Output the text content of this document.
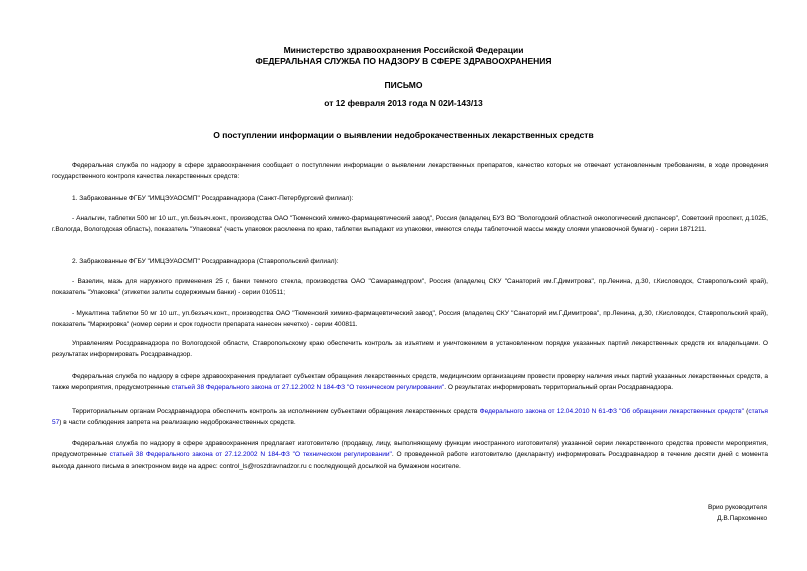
Министерство здравоохранения Российской Федерации
ФЕДЕРАЛЬНАЯ СЛУЖБА ПО НАДЗОРУ В СФЕРЕ ЗДРАВООХРАНЕНИЯ
ПИСЬМО
от 12 февраля 2013 года N 02И-143/13
О поступлении информации о выявлении недоброкачественных лекарственных средств

Федеральная служба по надзору в сфере здравоохранения сообщает о поступлении информации о выявлении лекарственных препаратов, качество которых не отвечает установленным требованиям, в ходе проведения государственного контроля качества лекарственных средств:

1. Забракованные ФГБУ "ИМЦЭУАОСМП" Росздравнадзора (Санкт-Петербургский филиал):

- Анальгин, таблетки 500 мг 10 шт., уп.безъяч.конт., производства ОАО "Тюменский химико-фармацевтический завод", Россия (владелец БУЗ ВО "Вологодский областной онкологический диспансер", Советский проспект, д.102Б, г.Вологда, Вологодская область), показатель "Упаковка" (часть упаковок расклеена по краю, таблетки выпадают из упаковки, имеются следы таблеточной массы между слоями упаковочной бумаги) - серии 1871211.

2. Забракованные ФГБУ "ИМЦЭУАОСМП" Росздравнадзора (Ставропольский филиал):

- Вазелин, мазь для наружного применения 25 г, банки темного стекла, производства ОАО "Самарамедпром", Россия (владелец СКУ "Санаторий им.Г.Димитрова", пр.Ленина, д.30, г.Кисловодск, Ставропольский край), показатель "Упаковка" (этикетки залиты содержимым банки) - серии 010511;

- Мукалтина таблетки 50 мг 10 шт., уп.безъяч.конт., производства ОАО "Тюменский химико-фармацевтический завод", Россия (владелец СКУ "Санаторий им.Г.Димитрова", пр.Ленина, д.30, г.Кисловодск, Ставропольский край), показатель "Маркировка" (номер серии и срок годности препарата нанесен нечетко) - серии 400811.

Управлениям Росздравнадзора по Вологодской области, Ставропольскому краю обеспечить контроль за изъятием и уничтожением в установленном порядке указанных партий лекарственных средств их владельцами. О результатах информировать Росздравнадзор.

Федеральная служба по надзору в сфере здравоохранения предлагает субъектам обращения лекарственных средств, медицинским организациям провести проверку наличия иных партий указанных лекарственных средств, а также мероприятия, предусмотренные статьей 38 Федерального закона от 27.12.2002 N 184-ФЗ "О техническом регулировании". О результатах информировать территориальный орган Росздравнадзора.

Территориальным органам Росздравнадзора обеспечить контроль за исполнением субъектами обращения лекарственных средств Федерального закона от 12.04.2010 N 61-ФЗ "Об обращении лекарственных средств" (статья 57) в части соблюдения запрета на реализацию недоброкачественных средств.

Федеральная служба по надзору в сфере здравоохранения предлагает изготовителю (продавцу, лицу, выполняющему функции иностранного изготовителя) указанной серии лекарственного средства провести мероприятия, предусмотренные статьей 38 Федерального закона от 27.12.2002 N 184-ФЗ "О техническом регулировании". О проведенной работе изготовителю (декларанту) информировать Росздравнадзор в течение десяти дней с момента выхода данного письма в электронном виде на адрес: control_ls@roszdravnadzor.ru с последующей досылкой на бумажном носителе.

Врио руководителя
Д.В.Пархоменко
